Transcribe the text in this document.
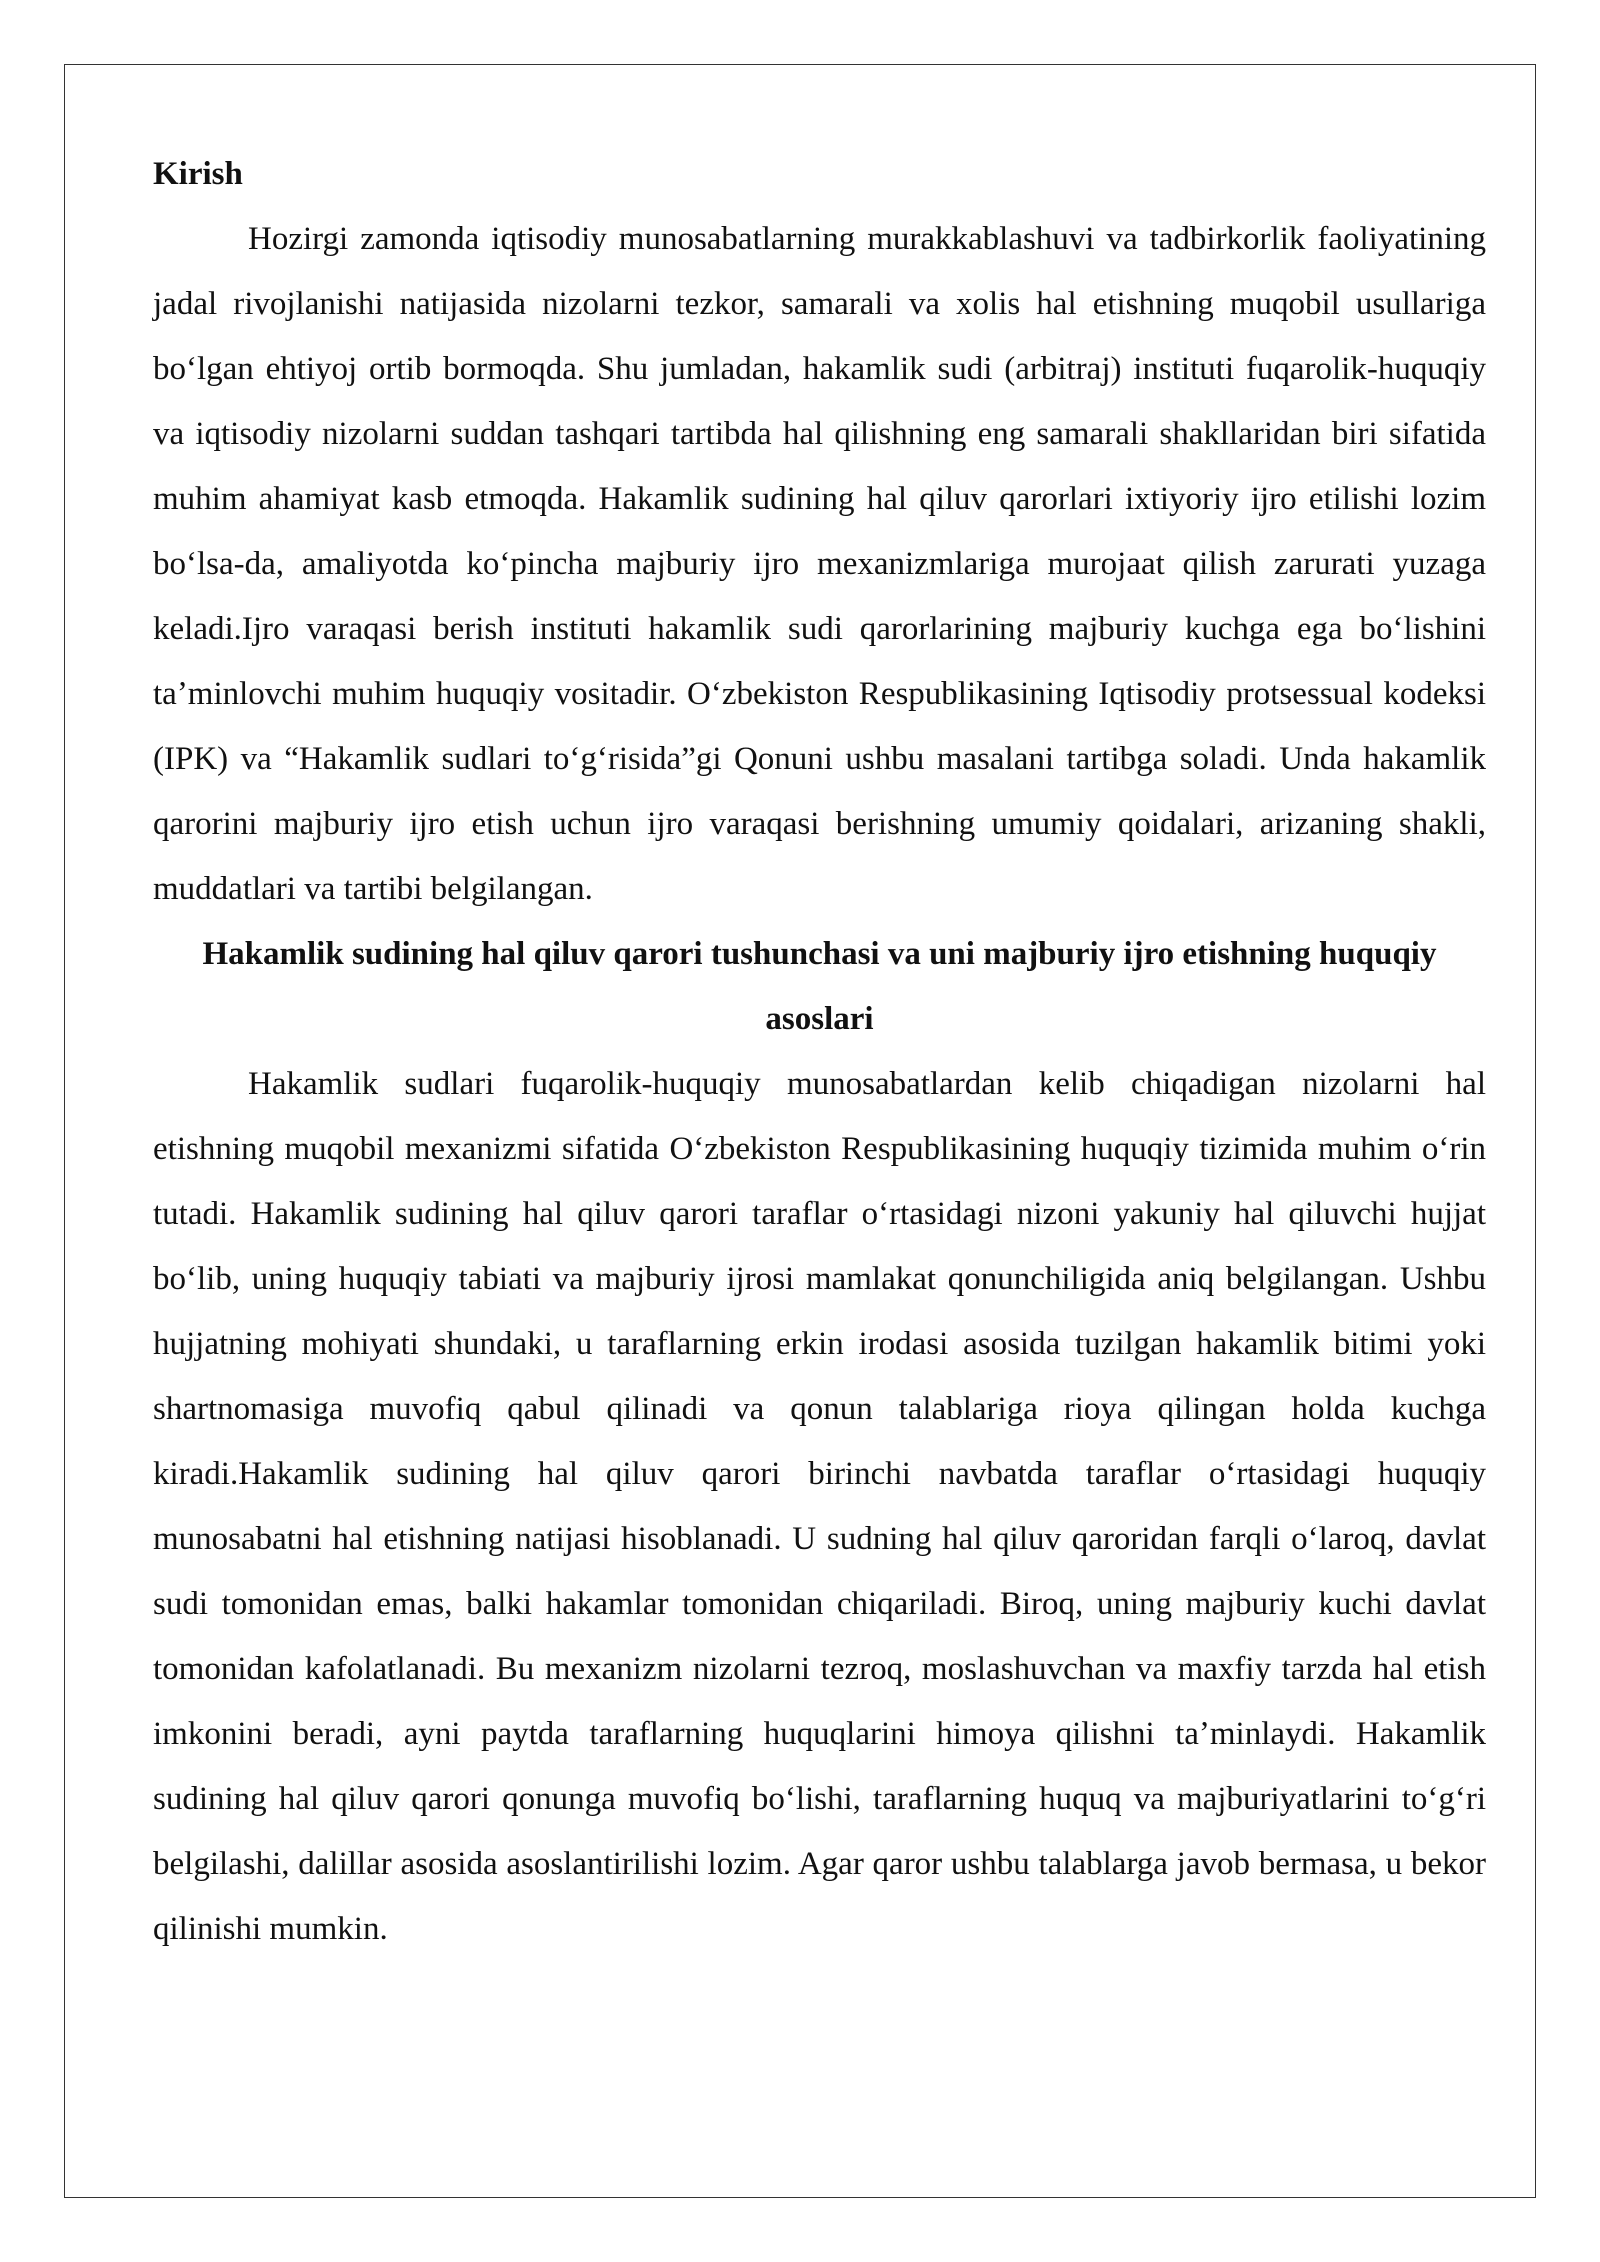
Kirish

Hozirgi zamonda iqtisodiy munosabatlarning murakkablashuvi va tadbirkorlik faoliyatining jadal rivojlanishi natijasida nizolarni tezkor, samarali va xolis hal etishning muqobil usullariga boʻlgan ehtiyoj ortib bormoqda. Shu jumladan, hakamlik sudi (arbitraj) instituti fuqarolik-huquqiy va iqtisodiy nizolarni suddan tashqari tartibda hal qilishning eng samarali shakllaridan biri sifatida muhim ahamiyat kasb etmoqda. Hakamlik sudining hal qiluv qarorlari ixtiyoriy ijro etilishi lozim boʻlsa-da, amaliyotda koʻpincha majburiy ijro mexanizmlariga murojaat qilish zarurati yuzaga keladi.Ijro varaqasi berish instituti hakamlik sudi qarorlarining majburiy kuchga ega boʻlishini taʼminlovchi muhim huquqiy vositadir. Oʻzbekiston Respublikasining Iqtisodiy protsessual kodeksi (IPK) va “Hakamlik sudlari toʻgʻrisida”gi Qonuni ushbu masalani tartibga soladi. Unda hakamlik qarorini majburiy ijro etish uchun ijro varaqasi berishning umumiy qoidalari, arizaning shakli, muddatlari va tartibi belgilangan.

Hakamlik sudining hal qiluv qarori tushunchasi va uni majburiy ijro etishning huquqiy asoslari

Hakamlik sudlari fuqarolik-huquqiy munosabatlardan kelib chiqadigan nizolarni hal etishning muqobil mexanizmi sifatida Oʻzbekiston Respublikasining huquqiy tizimida muhim oʻrin tutadi. Hakamlik sudining hal qiluv qarori taraflar oʻrtasidagi nizoni yakuniy hal qiluvchi hujjat boʻlib, uning huquqiy tabiati va majburiy ijrosi mamlakat qonunchiligida aniq belgilangan. Ushbu hujjatning mohiyati shundaki, u taraflarning erkin irodasi asosida tuzilgan hakamlik bitimi yoki shartnomasiga muvofiq qabul qilinadi va qonun talablariga rioya qilingan holda kuchga kiradi.Hakamlik sudining hal qiluv qarori birinchi navbatda taraflar oʻrtasidagi huquqiy munosabatni hal etishning natijasi hisoblanadi. U sudning hal qiluv qaroridan farqli oʻlaroq, davlat sudi tomonidan emas, balki hakamlar tomonidan chiqariladi. Biroq, uning majburiy kuchi davlat tomonidan kafolatlanadi. Bu mexanizm nizolarni tezroq, moslashuvchan va maxfiy tarzda hal etish imkonini beradi, ayni paytda taraflarning huquqlarini himoya qilishni taʼminlaydi. Hakamlik sudining hal qiluv qarori qonunga muvofiq boʻlishi, taraflarning huquq va majburiyatlarini toʻgʻri belgilashi, dalillar asosida asoslantirilishi lozim. Agar qaror ushbu talablarga javob bermasa, u bekor qilinishi mumkin.
